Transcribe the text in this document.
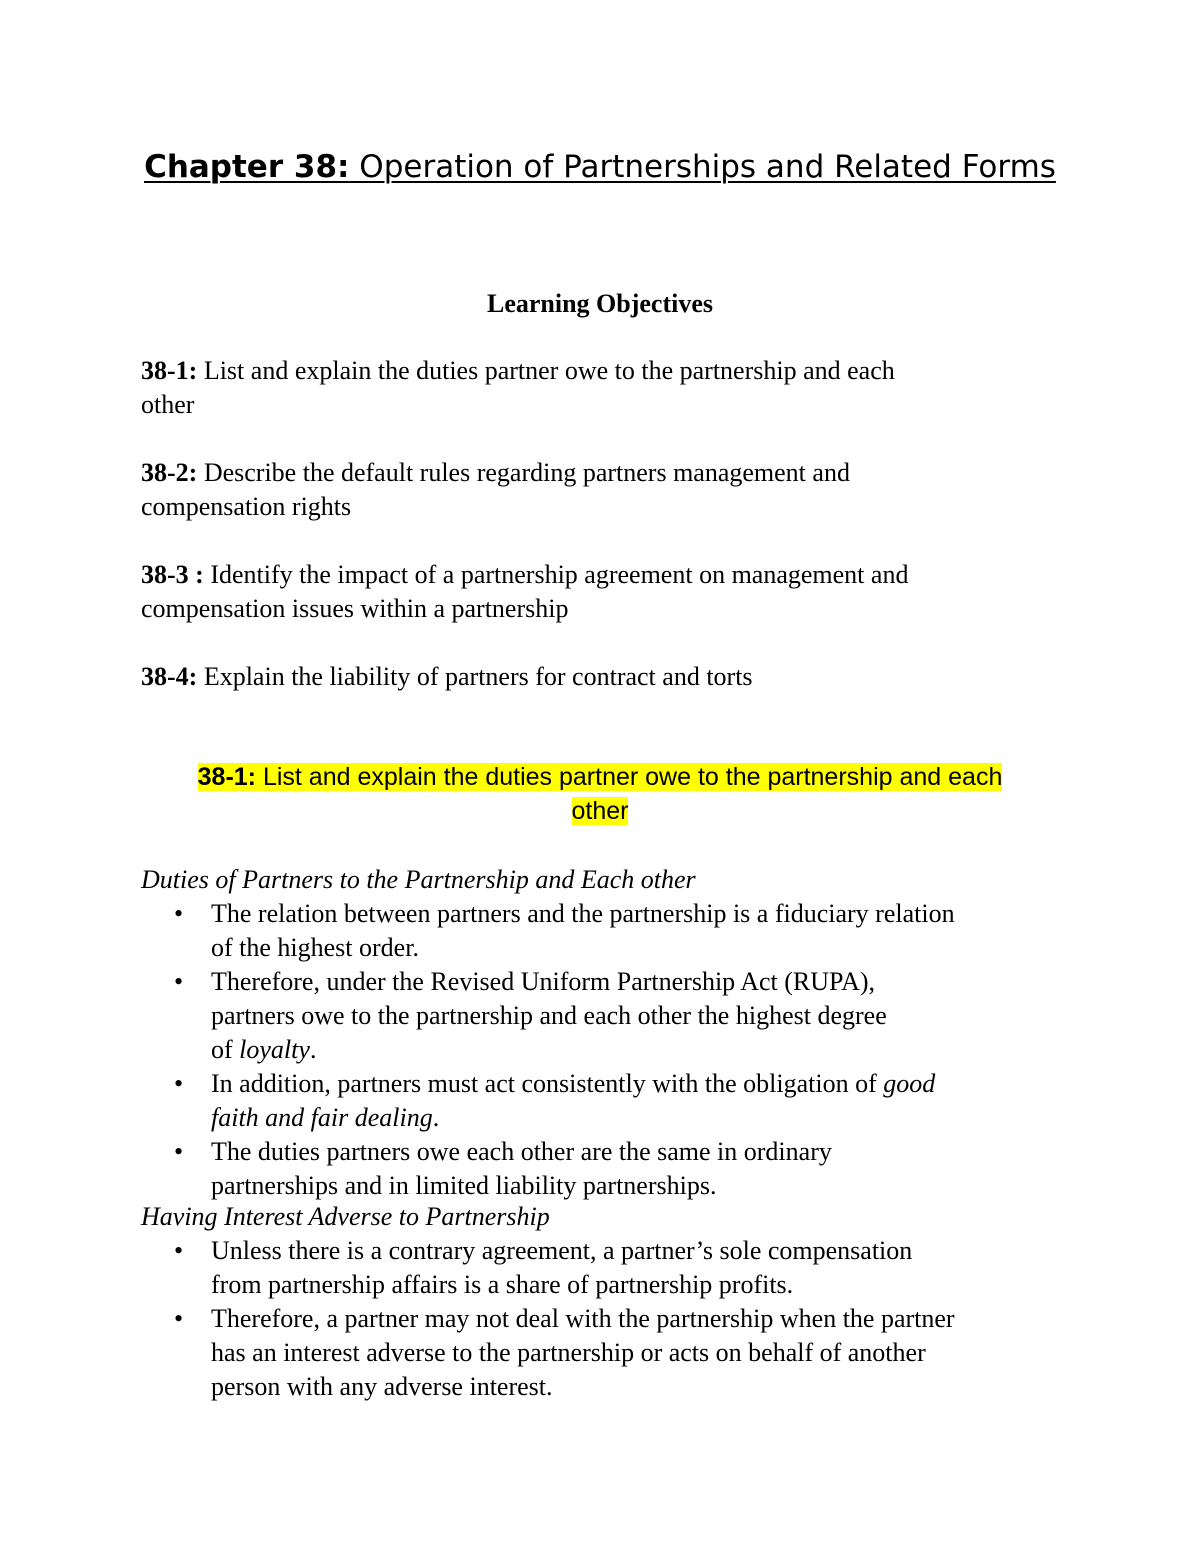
Chapter 38: Operation of Partnerships and Related Forms
Learning Objectives
38-1: List and explain the duties partner owe to the partnership and each
other
38-2: Describe the default rules regarding partners management and
compensation rights
38-3 : Identify the impact of a partnership agreement on management and
compensation issues within a partnership
38-4: Explain the liability of partners for contract and torts
38-1: List and explain the duties partner owe to the partnership and each
other
Duties of Partners to the Partnership and Each other
• The relation between partners and the partnership is a fiduciary relation
of the highest order.
• Therefore, under the Revised Uniform Partnership Act (RUPA),
partners owe to the partnership and each other the highest degree
of loyalty.
• In addition, partners must act consistently with the obligation of good
faith and fair dealing.
• The duties partners owe each other are the same in ordinary
partnerships and in limited liability partnerships.
Having Interest Adverse to Partnership
• Unless there is a contrary agreement, a partner’s sole compensation
from partnership affairs is a share of partnership profits.
• Therefore, a partner may not deal with the partnership when the partner
has an interest adverse to the partnership or acts on behalf of another
person with any adverse interest.
